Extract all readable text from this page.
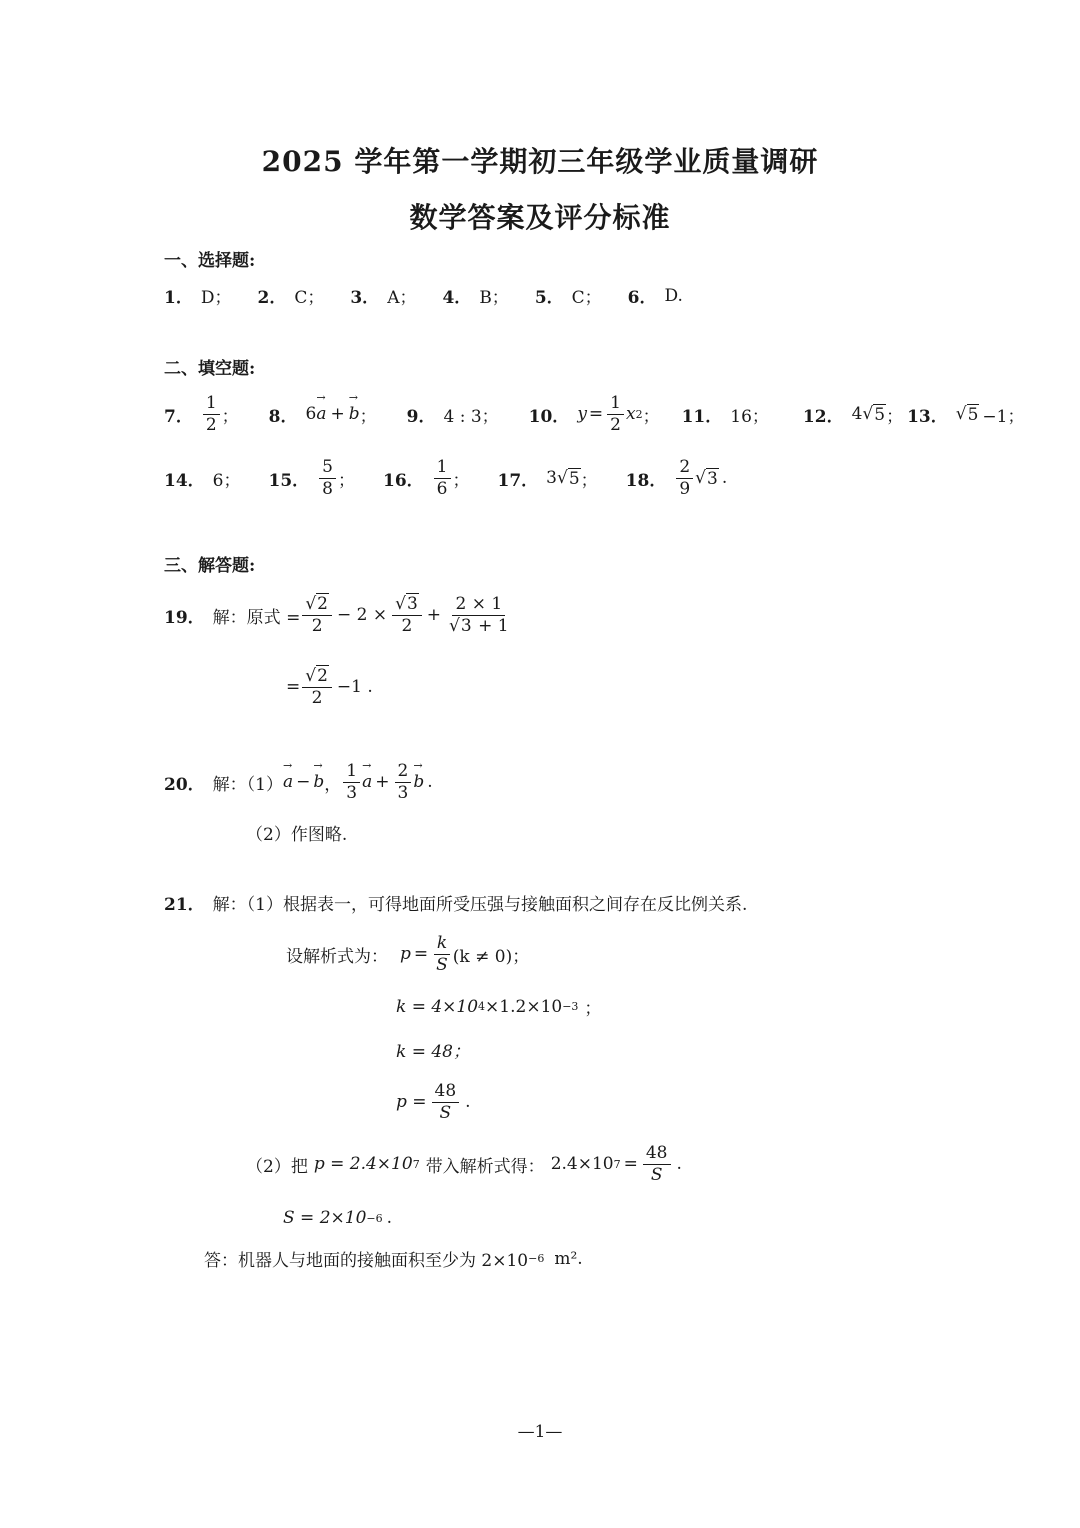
2025 学年第一学期初三年级学业质量调研
数学答案及评分标准
一、选择题:
1． D； 2． C； 3． A； 4． B； 5． C； 6． D.
二、填空题:
7． $\frac{1}{2}$ ； 8． 6
→ a +
→ b ； 9． 4 : 3； 10． $y = \frac{1}{2}$ x 2 ； 11． 16； 12． 4 √ 5 ； 13． √ 5 −1；
14． 6； 15． $\frac{5}{8}$ ； 16． $\frac{1}{6}$ ； 17． 3 √ 5 ； 18． $\frac{2}{9}$ √ 3 .
三、解答题:
19． 解：原式 = $\frac{√2}{2} - 2 \times \frac{√3}{2} + \frac{2 \times 1}{√3 + 1}$
= $\frac{√2}{2} -1$ .
20． 解：（1）
→ a −
→ b ， $\frac{1}{3}$
→ $a + \frac{2}{3}$
→ b .
（2）作图略.
21． 解：（1）根据表一，可得地面所受压强与接触面积之间存在反比例关系.
设解析式为： $p = \frac{k}{S} (k \ne 0)$；
k = 4×10 4 ×1.2×10 −3 ；
k = 48；
$p = \frac{48}{S}$ .
（2）把 p = 2.4×10 7 带入解析式得： 2.4×10 $7 = \frac{48}{S}$ .
S = 2×10 −6 .
答：机器人与地面的接触面积至少为 2×10 −6 m².
—1—
